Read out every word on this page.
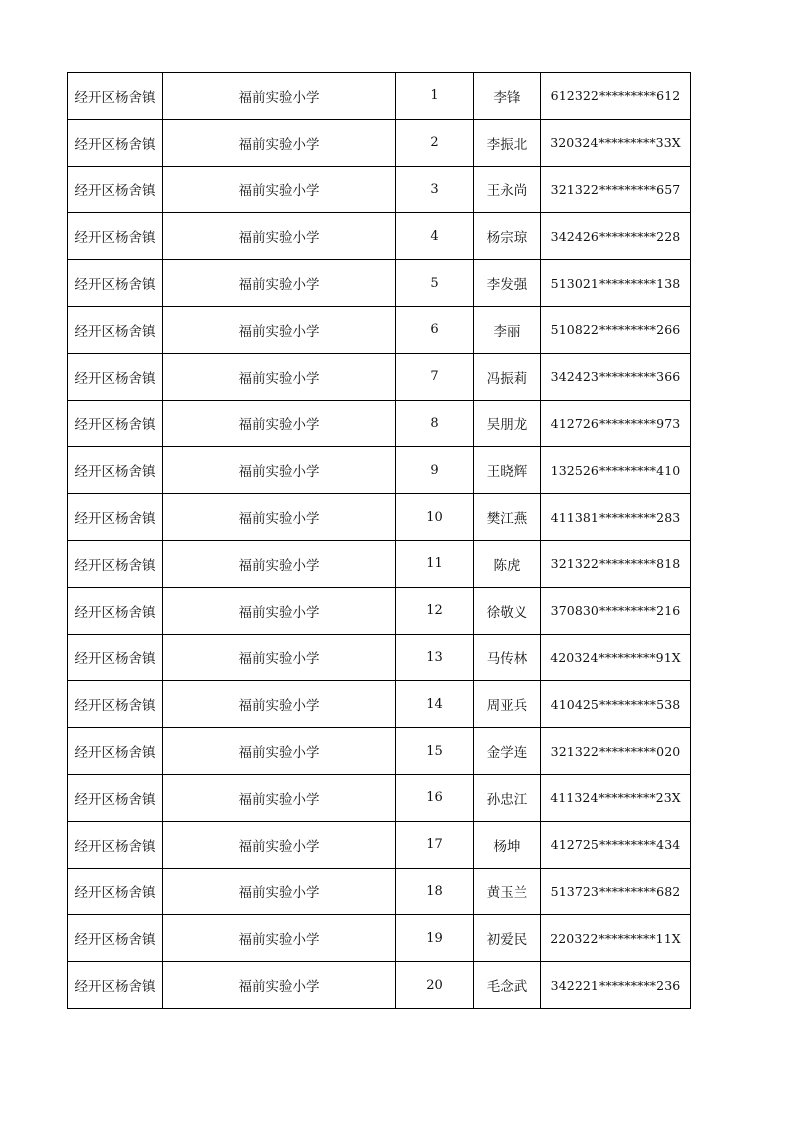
经开区杨舍镇	福前实验小学	1	李锋	612322*********612
经开区杨舍镇	福前实验小学	2	李振北	320324*********33X
经开区杨舍镇	福前实验小学	3	王永尚	321322*********657
经开区杨舍镇	福前实验小学	4	杨宗琼	342426*********228
经开区杨舍镇	福前实验小学	5	李发强	513021*********138
经开区杨舍镇	福前实验小学	6	李丽	510822*********266
经开区杨舍镇	福前实验小学	7	冯振莉	342423*********366
经开区杨舍镇	福前实验小学	8	吴朋龙	412726*********973
经开区杨舍镇	福前实验小学	9	王晓辉	132526*********410
经开区杨舍镇	福前实验小学	10	樊江燕	411381*********283
经开区杨舍镇	福前实验小学	11	陈虎	321322*********818
经开区杨舍镇	福前实验小学	12	徐敬义	370830*********216
经开区杨舍镇	福前实验小学	13	马传林	420324*********91X
经开区杨舍镇	福前实验小学	14	周亚兵	410425*********538
经开区杨舍镇	福前实验小学	15	金学连	321322*********020
经开区杨舍镇	福前实验小学	16	孙忠江	411324*********23X
经开区杨舍镇	福前实验小学	17	杨坤	412725*********434
经开区杨舍镇	福前实验小学	18	黄玉兰	513723*********682
经开区杨舍镇	福前实验小学	19	初爱民	220322*********11X
经开区杨舍镇	福前实验小学	20	毛念武	342221*********236
